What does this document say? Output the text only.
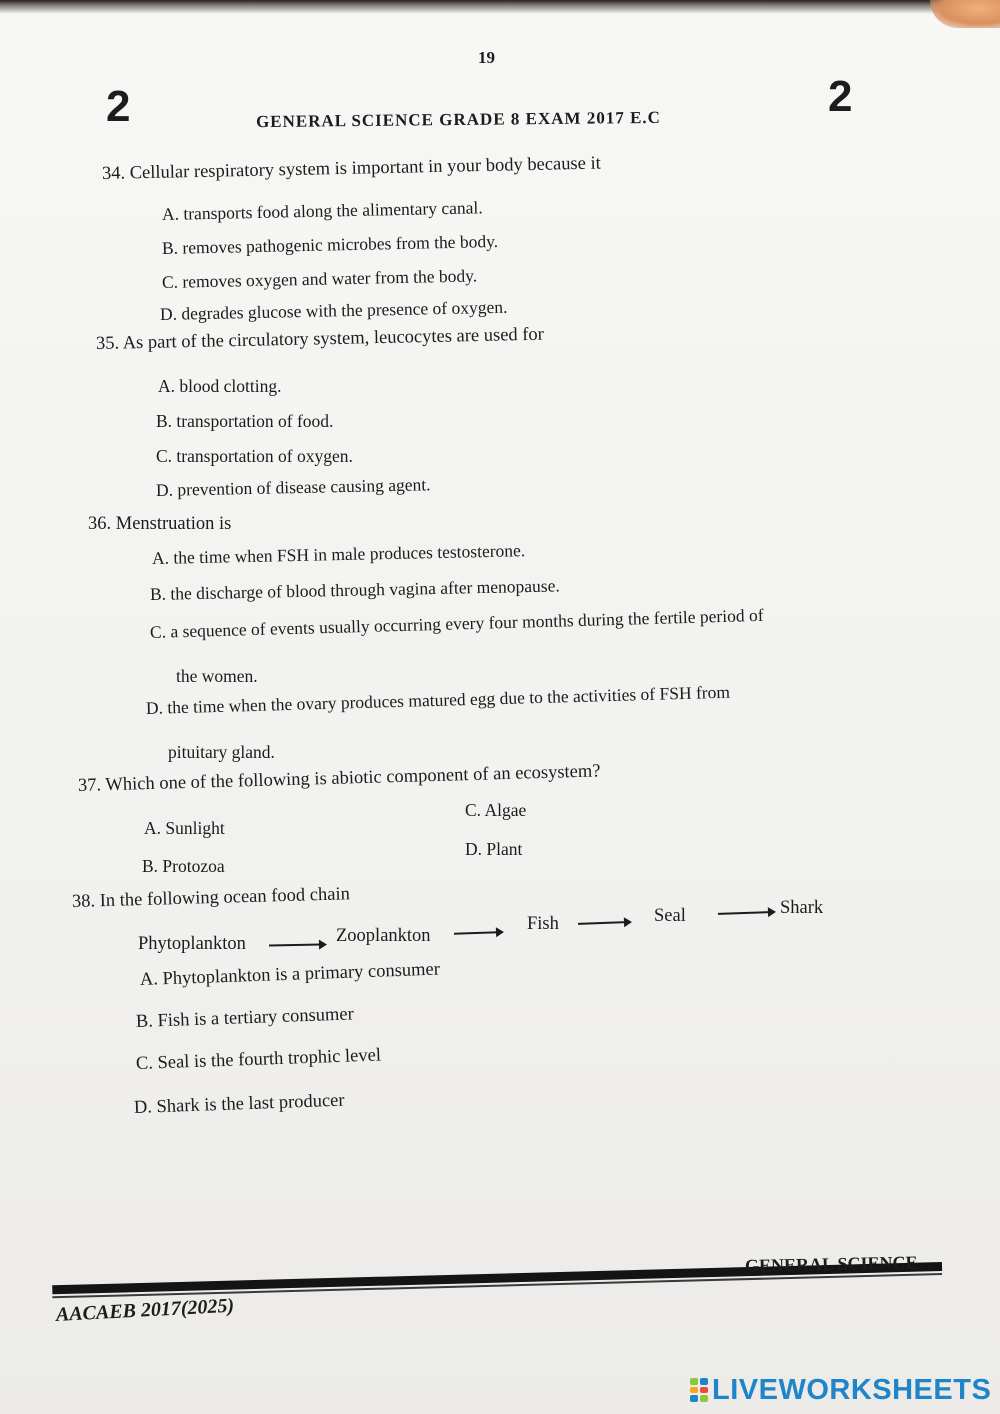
19
2	2
GENERAL SCIENCE GRADE 8 EXAM 2017 E.C
34. Cellular respiratory system is important in your body because it
A. transports food along the alimentary canal.
B. removes pathogenic microbes from the body.
C. removes oxygen and water from the body.
D. degrades glucose with the presence of oxygen.
35. As part of the circulatory system, leucocytes are used for
A. blood clotting.
B. transportation of food.
C. transportation of oxygen.
D. prevention of disease causing agent.
36. Menstruation is
A. the time when FSH in male produces testosterone.
B. the discharge of blood through vagina after menopause.
C. a sequence of events usually occurring every four months during the fertile period of
the women.
D. the time when the ovary produces matured egg due to the activities of FSH from
pituitary gland.
37. Which one of the following is abiotic component of an ecosystem?
A. Sunlight
B. Protozoa
C. Algae
D. Plant
38. In the following ocean food chain
Phytoplankton	Zooplankton
Fish	Seal	Shark
A. Phytoplankton is a primary consumer
B. Fish is a tertiary consumer
C. Seal is the fourth trophic level
D. Shark is the last producer
GENERAL SCIENCE
AACAEB 2017(2025)
LIVEWORKSHEETS
